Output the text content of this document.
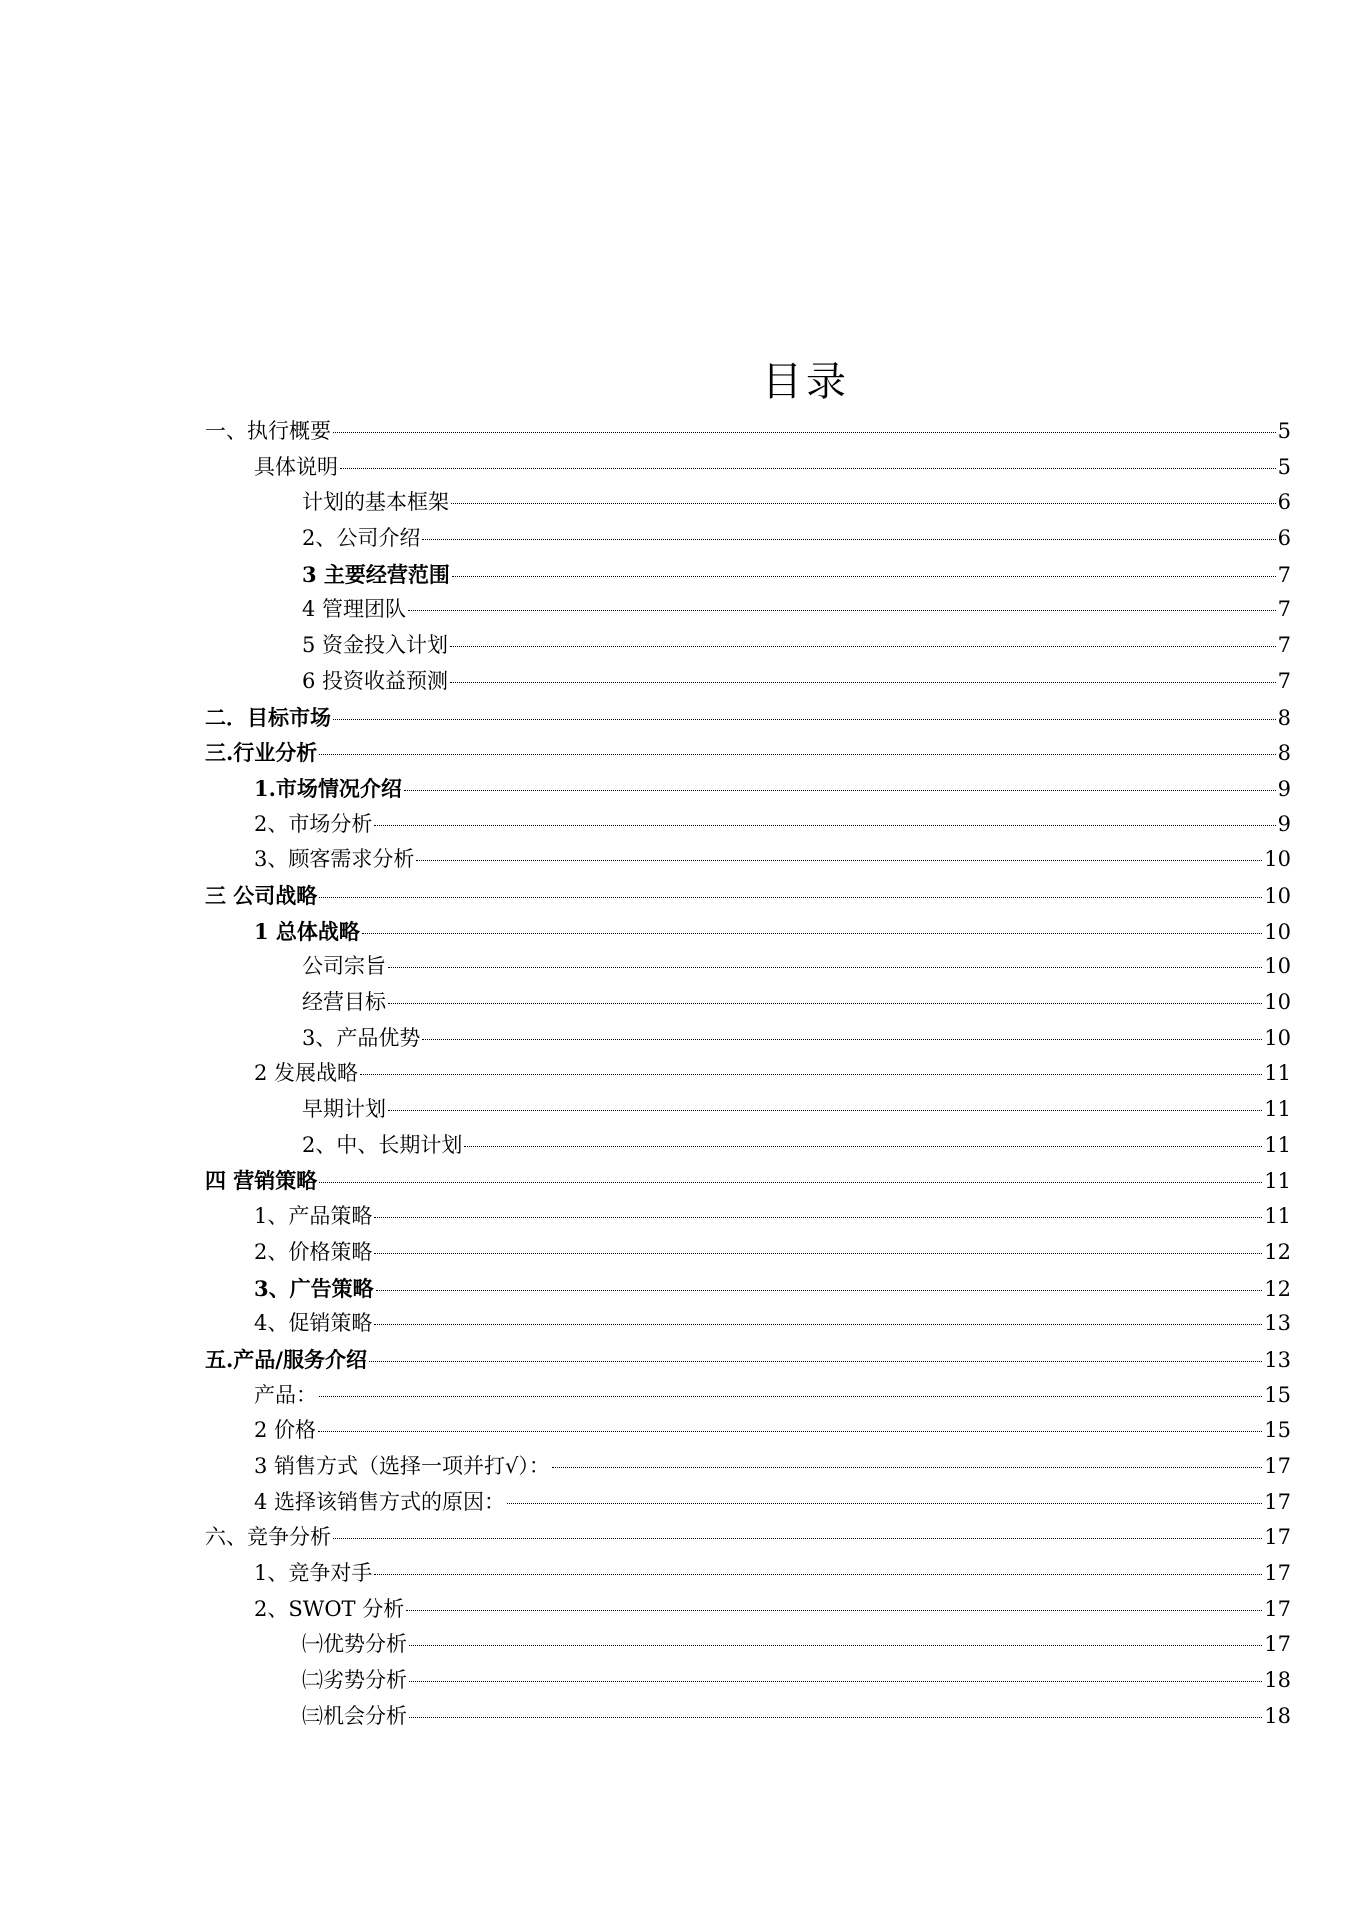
目录
一、执行概要	5
具体说明	5
计划的基本框架	6
2、公司介绍	6
3 主要经营范围	7
4 管理团队	7
5 资金投入计划	7
6 投资收益预测	7
二．目标市场	8
三.行业分析	8
1.市场情况介绍	9
2、市场分析	9
3、顾客需求分析	10
三 公司战略	10
1 总体战略	10
公司宗旨	10
经营目标	10
3、产品优势	10
2 发展战略	11
早期计划	11
2、中、长期计划	11
四 营销策略	11
1、产品策略	11
2、价格策略	12
3、广告策略	12
4、促销策略	13
五.产品/服务介绍	13
产品：	15
2 价格	15
3 销售方式（选择一项并打√）：	17
4 选择该销售方式的原因：	17
六、竞争分析	17
1、竞争对手	17
2、SWOT 分析	17
㈠优势分析	17
㈡劣势分析	18
㈢机会分析	18
